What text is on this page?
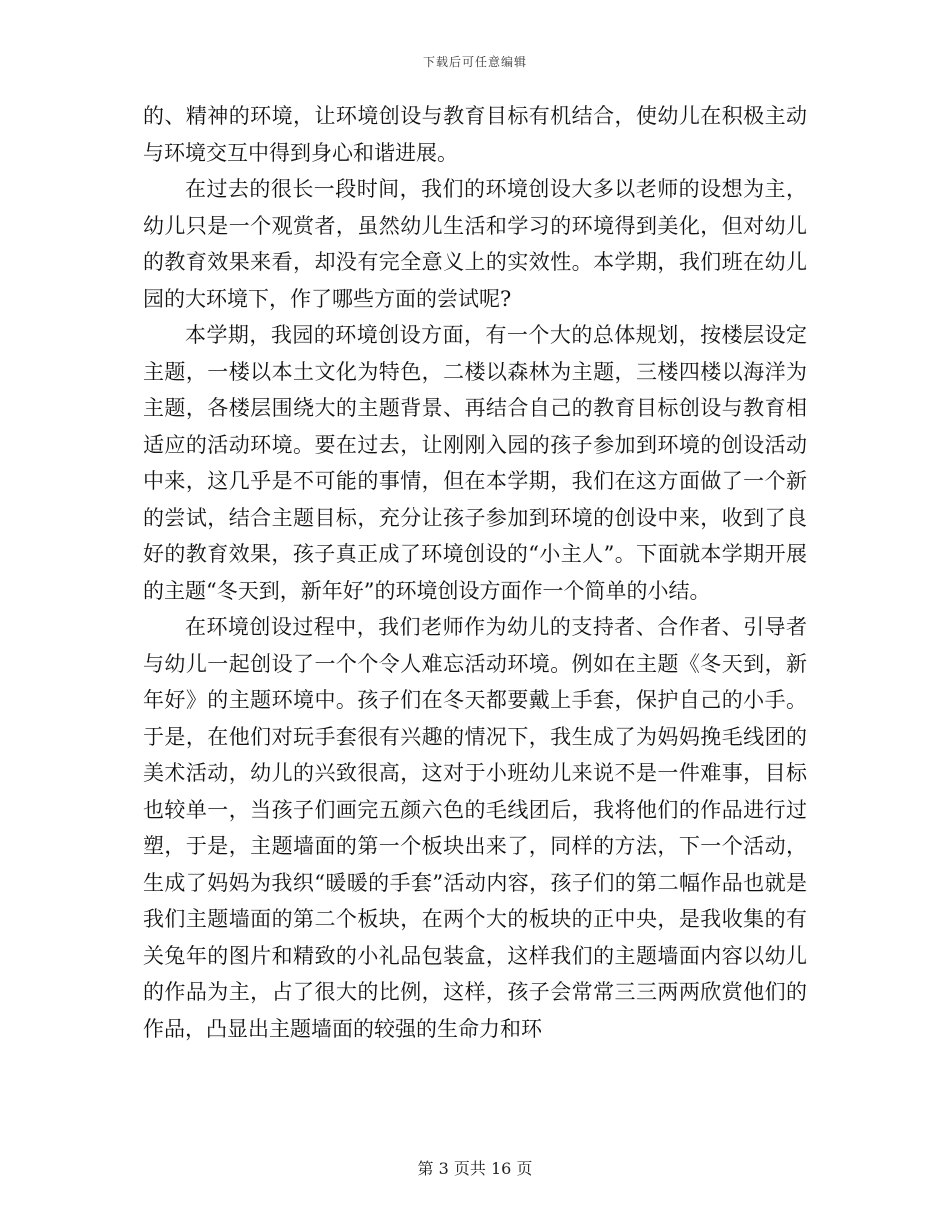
下载后可任意编辑

的、精神的环境，让环境创设与教育目标有机结合，使幼儿在积极主动与环境交互中得到身心和谐进展。

在过去的很长一段时间，我们的环境创设大多以老师的设想为主，幼儿只是一个观赏者，虽然幼儿生活和学习的环境得到美化，但对幼儿的教育效果来看，却没有完全意义上的实效性。本学期，我们班在幼儿园的大环境下，作了哪些方面的尝试呢?

本学期，我园的环境创设方面，有一个大的总体规划，按楼层设定主题，一楼以本土文化为特色，二楼以森林为主题，三楼四楼以海洋为主题，各楼层围绕大的主题背景、再结合自己的教育目标创设与教育相适应的活动环境。要在过去，让刚刚入园的孩子参加到环境的创设活动中来，这几乎是不可能的事情，但在本学期，我们在这方面做了一个新的尝试，结合主题目标，充分让孩子参加到环境的创设中来，收到了良好的教育效果，孩子真正成了环境创设的“小主人”。下面就本学期开展的主题“冬天到，新年好”的环境创设方面作一个简单的小结。

在环境创设过程中，我们老师作为幼儿的支持者、合作者、引导者与幼儿一起创设了一个个令人难忘活动环境。例如在主题《冬天到，新年好》的主题环境中。孩子们在冬天都要戴上手套，保护自己的小手。于是，在他们对玩手套很有兴趣的情况下，我生成了为妈妈挽毛线团的美术活动，幼儿的兴致很高，这对于小班幼儿来说不是一件难事，目标也较单一，当孩子们画完五颜六色的毛线团后，我将他们的作品进行过塑，于是，主题墙面的第一个板块出来了，同样的方法，下一个活动，生成了妈妈为我织“暖暖的手套”活动内容，孩子们的第二幅作品也就是我们主题墙面的第二个板块，在两个大的板块的正中央，是我收集的有关兔年的图片和精致的小礼品包装盒，这样我们的主题墙面内容以幼儿的作品为主，占了很大的比例，这样，孩子会常常三三两两欣赏他们的作品，凸显出主题墙面的较强的生命力和环

第 3 页共 16 页
